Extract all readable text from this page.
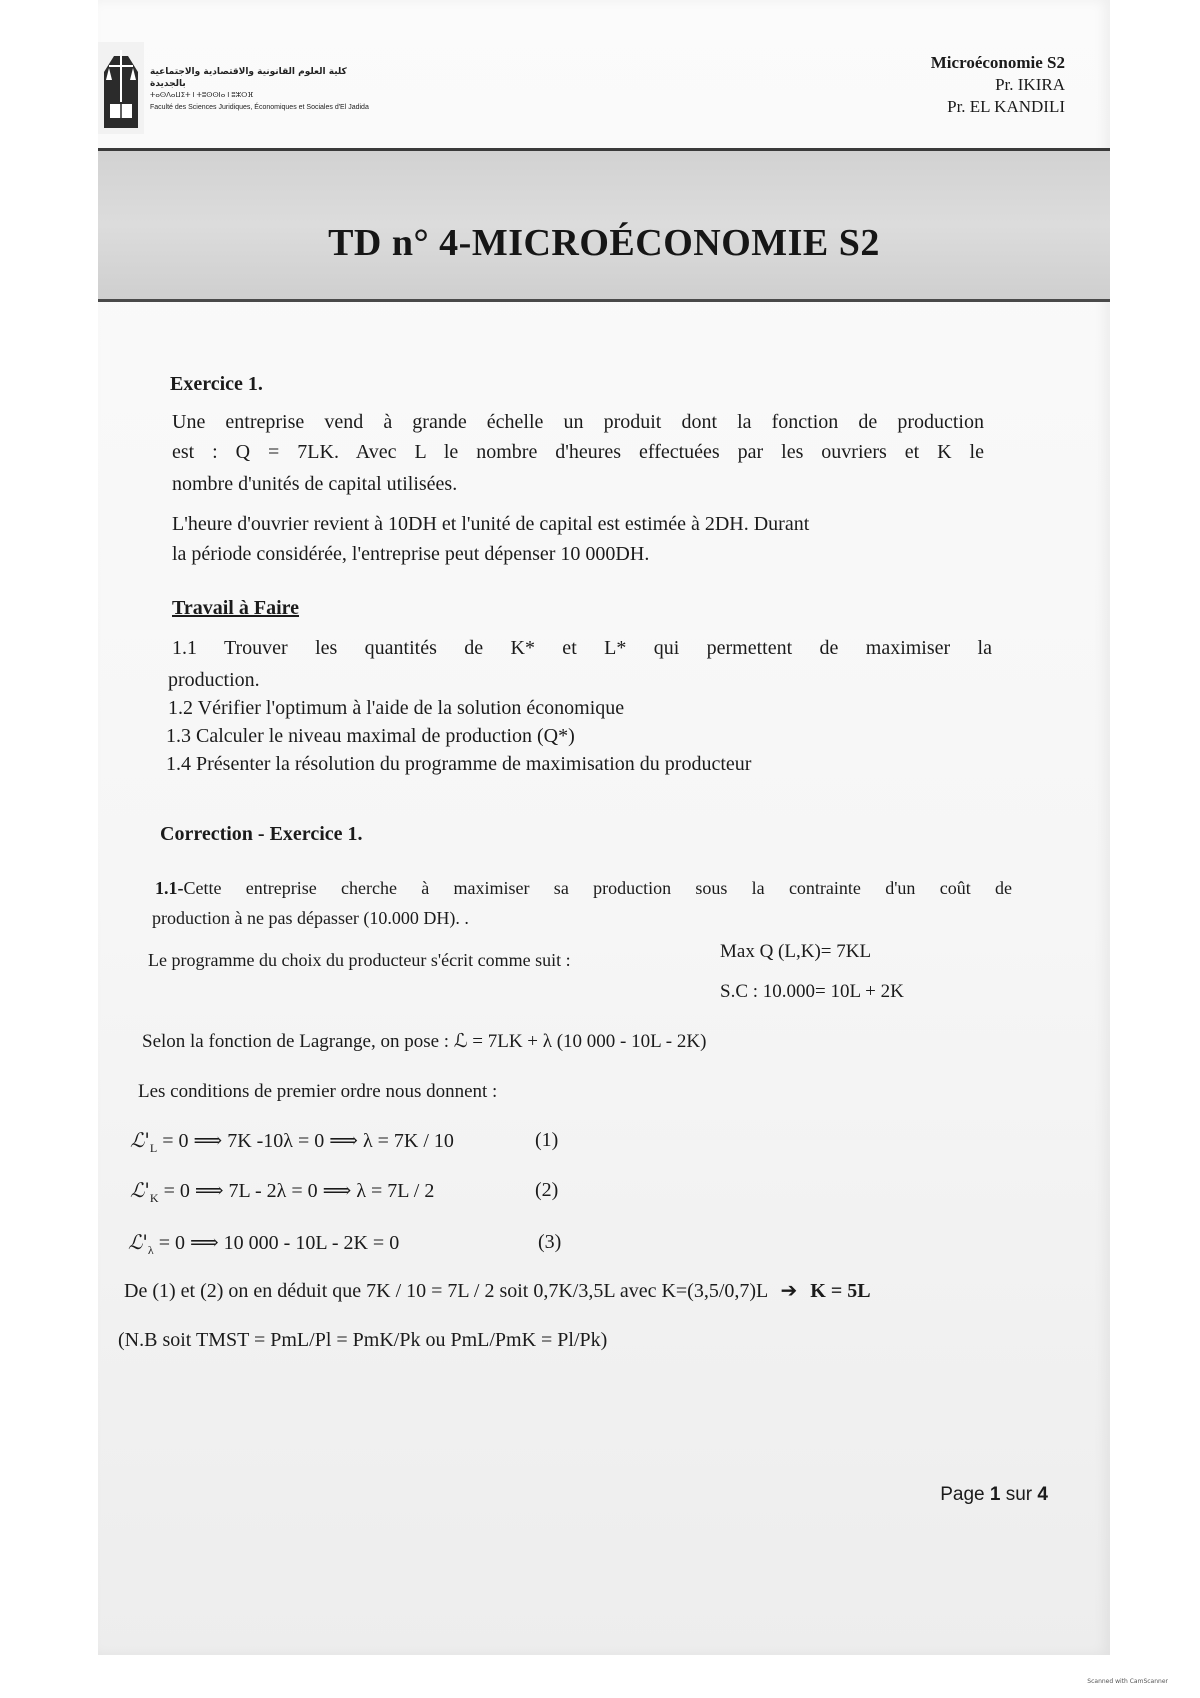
كلية العلوم القانونية والاقتصادية والاجتماعية بالجديدة
ⵜⴰⵙⴷⴰⵡⵉⵜ ⵏ ⵜⵓⵙⵙⵏⴰ ⵏ ⵓⵣⵔⴼ
Faculté des Sciences Juridiques, Économiques et Sociales d'El Jadida
Microéconomie S2
Pr. IKIRA
Pr. EL KANDILI
TD n° 4-MICROÉCONOMIE S2
Exercice 1.
Une entreprise vend à grande échelle un produit dont la fonction de production
est : Q = 7LK. Avec L le nombre d'heures effectuées par les ouvriers et K le
nombre d'unités de capital utilisées.
L'heure d'ouvrier revient à 10DH et l'unité de capital est estimée à 2DH. Durant
la période considérée, l'entreprise peut dépenser 10 000DH.
Travail à Faire
1.1 Trouver les quantités de K* et L* qui permettent de maximiser la
production.
1.2 Vérifier l'optimum à l'aide de la solution économique
1.3 Calculer le niveau maximal de production (Q*)
1.4 Présenter la résolution du programme de maximisation du producteur
Correction - Exercice 1.
1.1-Cette entreprise cherche à maximiser sa production sous la contrainte d'un coût de
production à ne pas dépasser (10.000 DH). .
Le programme du choix du producteur s'écrit comme suit :	Max Q (L,K)= 7KL
S.C : 10.000= 10L + 2K
Selon la fonction de Lagrange, on pose : ℒ = 7LK + λ (10 000 - 10L - 2K)
Les conditions de premier ordre nous donnent :
$ℒ'_L = 0$ ⟹ 7K -10λ = 0 ⟹ λ = 7K / 10	(1)
$ℒ'_K = 0$ ⟹ 7L - 2λ = 0 ⟹ λ = 7L / 2	(2)
$ℒ'_\lambda = 0$ ⟹ 10 000 - 10L - 2K = 0	(3)
De (1) et (2) on en déduit que 7K / 10 = 7L / 2 soit 0,7K/3,5L avec K=(3,5/0,7)L ➔ K = 5L
(N.B soit TMST = PmL/Pl = PmK/Pk ou PmL/PmK = Pl/Pk)
Page 1 sur 4
Scanned with CamScanner
